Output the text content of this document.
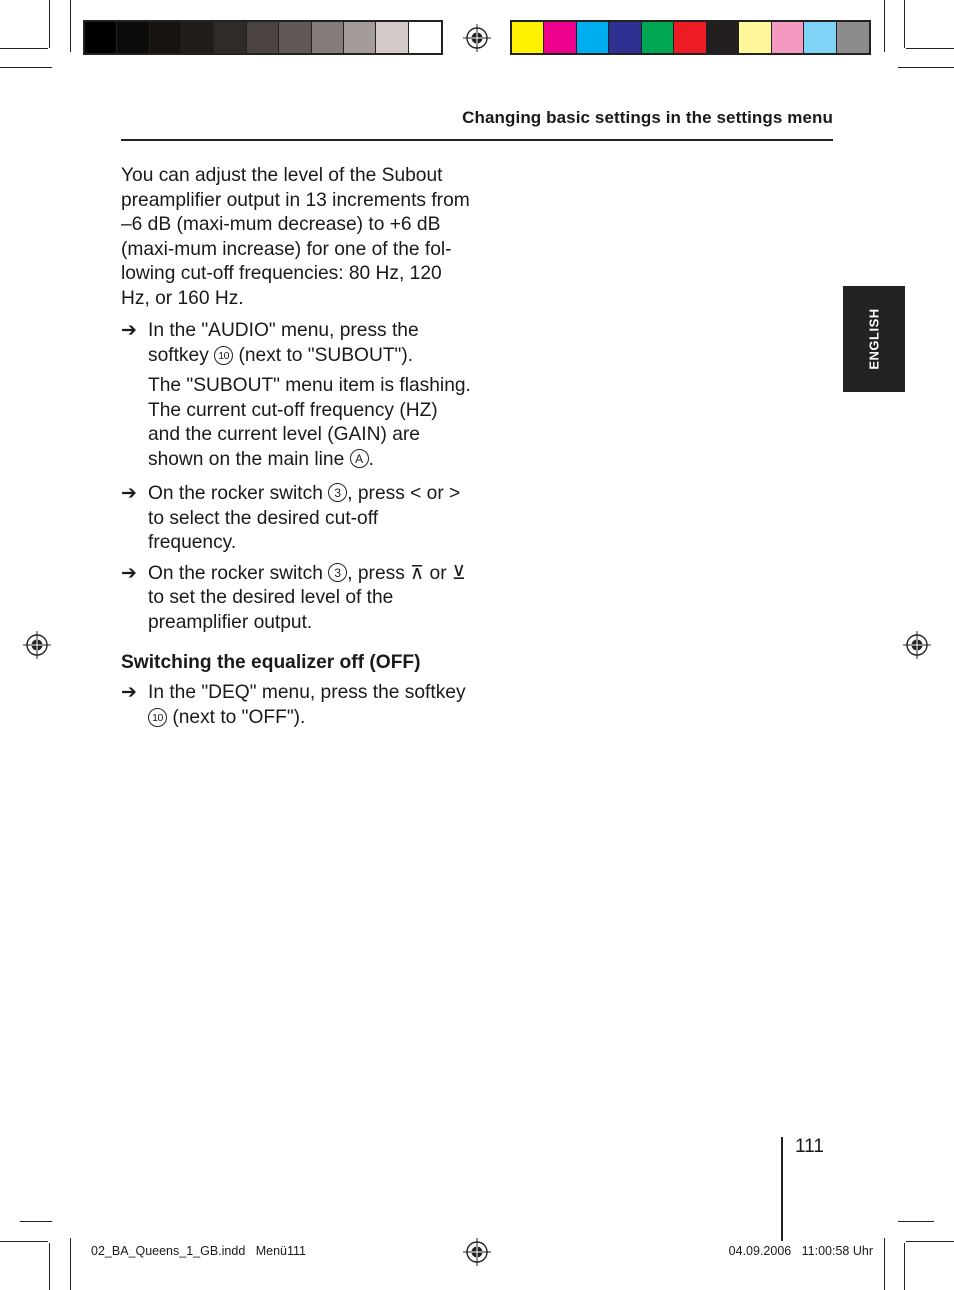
Changing basic settings in the settings menu
ENGLISH

You can adjust the level of the Subout preamplifier output in 13 increments from –6 dB (maxi-mum decrease) to +6 dB (maxi-mum increase) for one of the fol-lowing cut-off frequencies: 80 Hz, 120 Hz, or 160 Hz.

➔ In the "AUDIO" menu, press the softkey 10 (next to "SUBOUT").

The "SUBOUT" menu item is flashing. The current cut-off frequency (HZ) and the current level (GAIN) are shown on the main line A .

➔ On the rocker switch 3 , press < or > to select the desired cut-off frequency.

➔ On the rocker switch 3 , press ⊼ or ⊻ to set the desired level of the preamplifier output.

Switching the equalizer off (OFF)

➔ In the "DEQ" menu, press the softkey 10 (next to "OFF").

111
02_BA_Queens_1_GB.indd   Menü111	04.09.2006   11:00:58 Uhr
